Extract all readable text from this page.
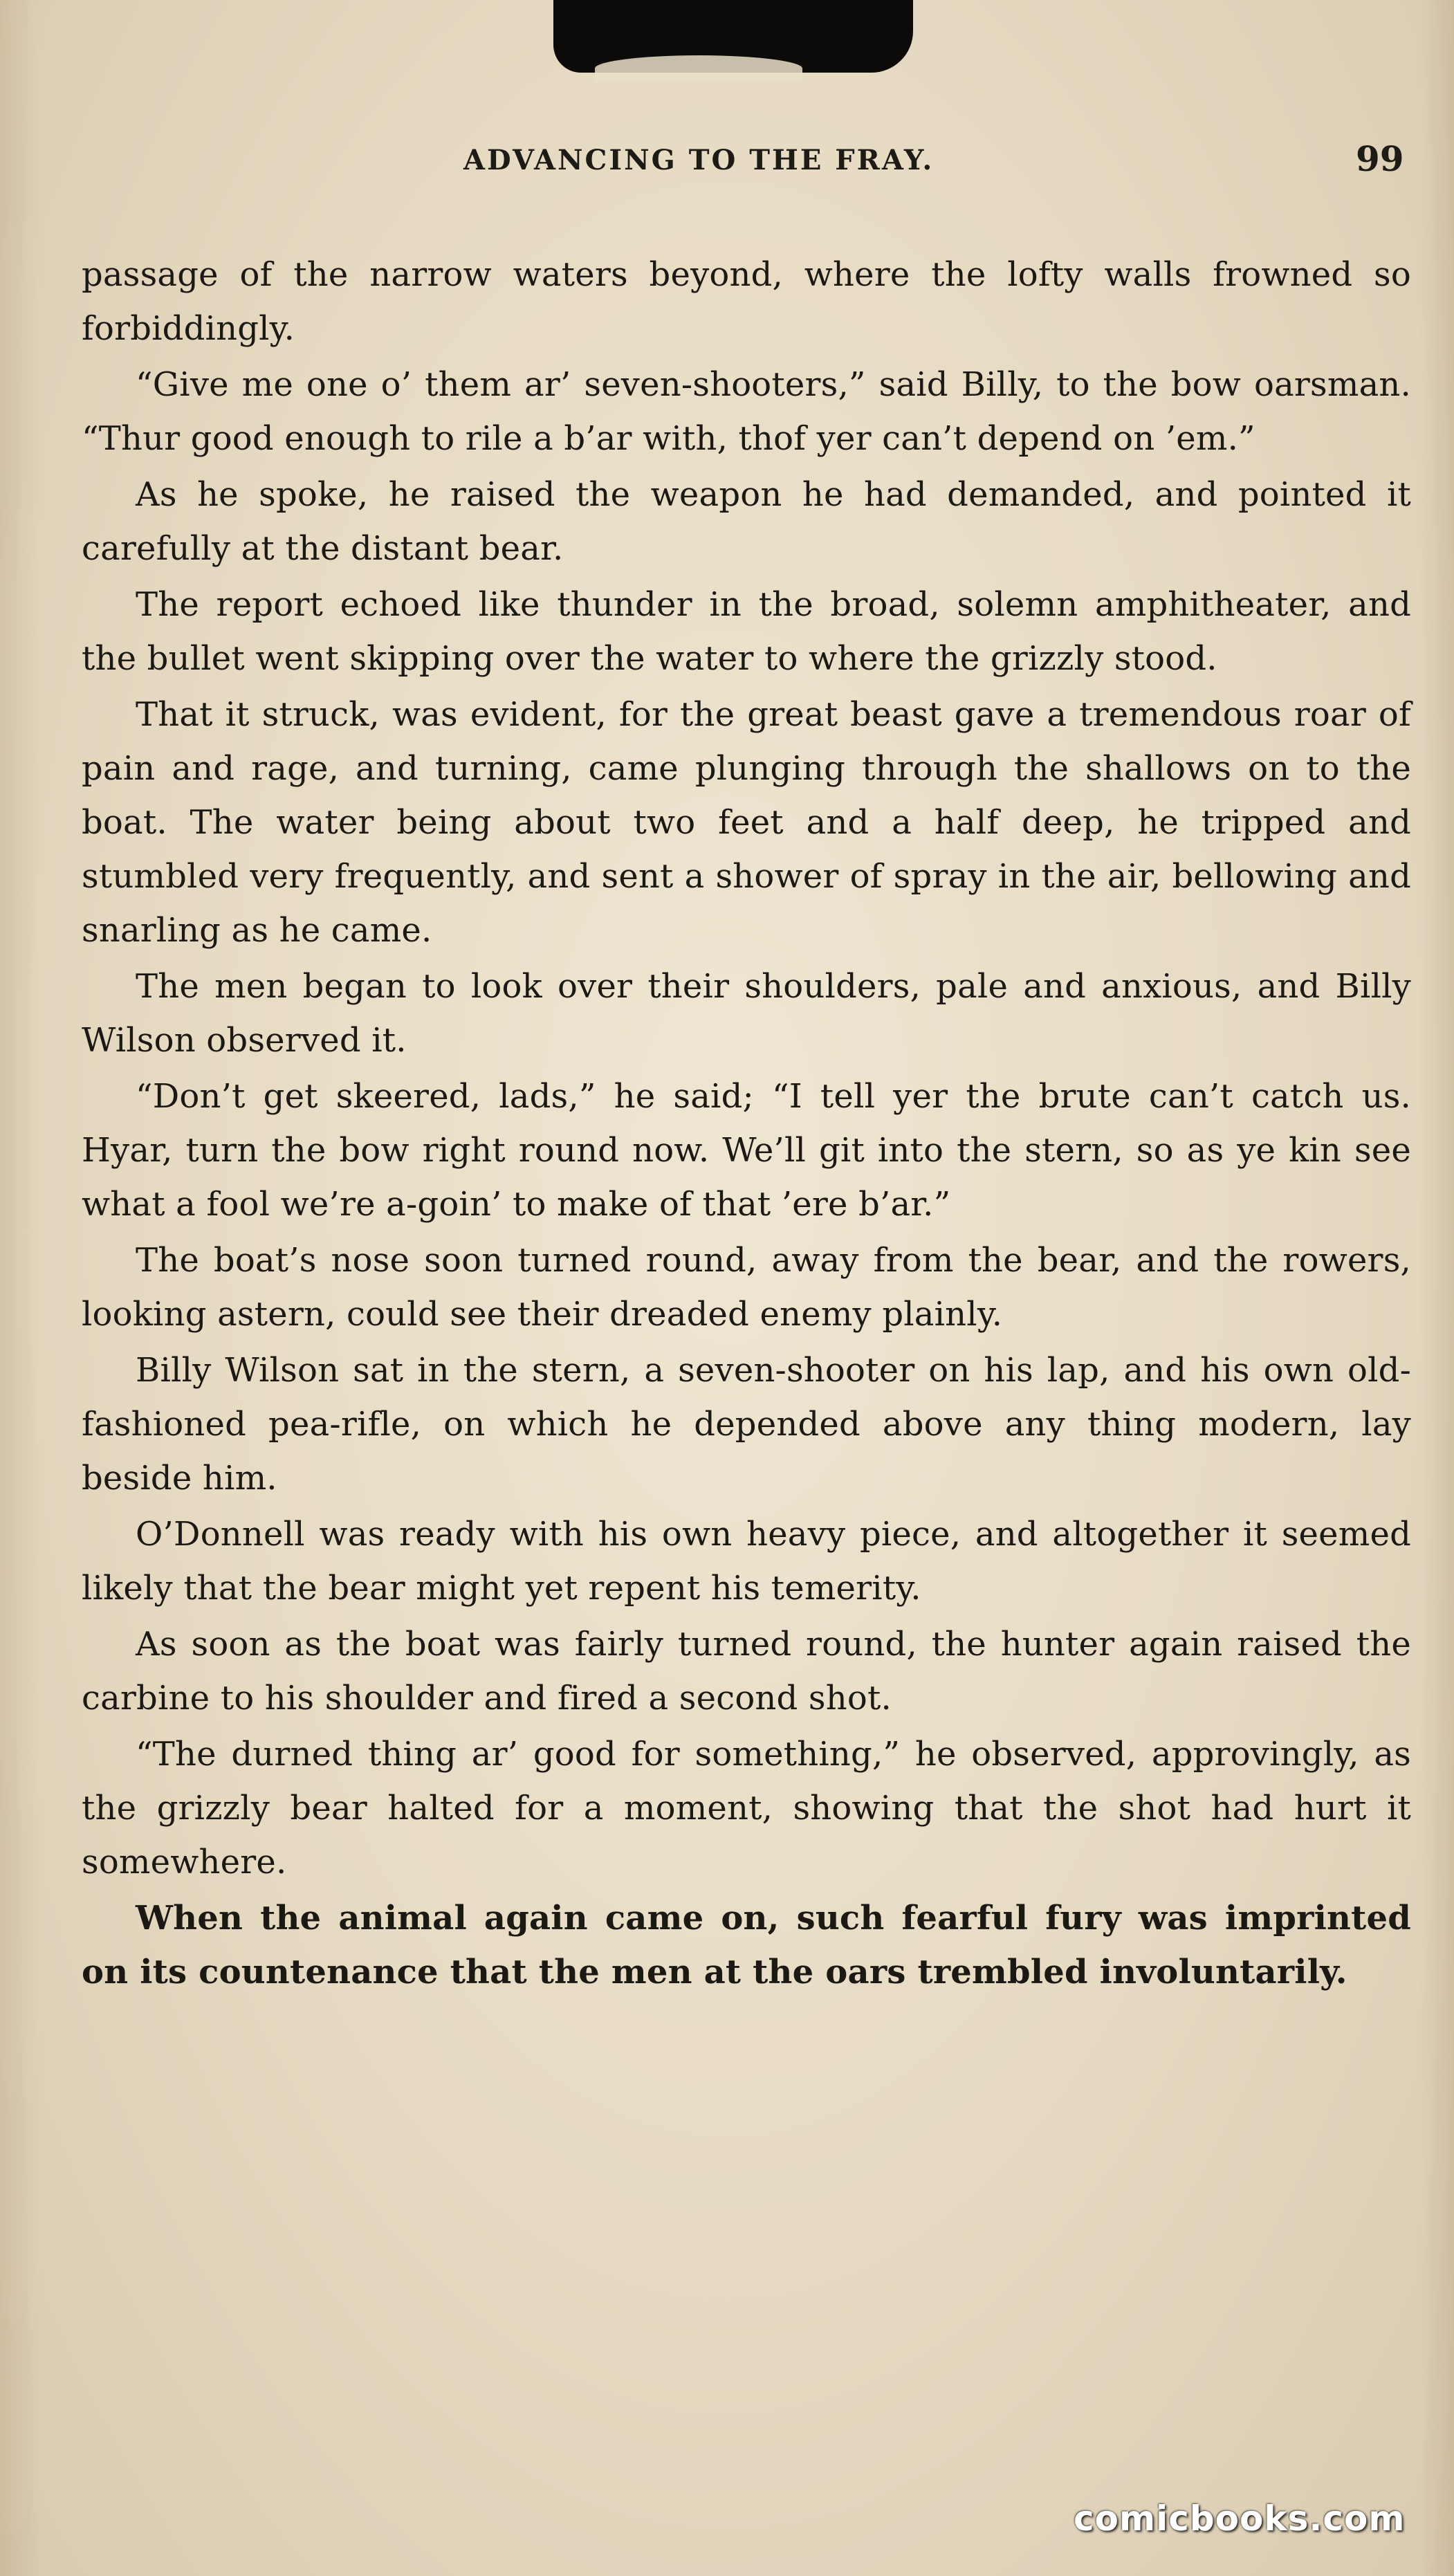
ADVANCING TO THE FRAY.	99

passage of the narrow waters beyond, where the lofty walls frowned so forbiddingly.

“Give me one o’ them ar’ seven-shooters,” said Billy, to the bow oarsman. “Thur good enough to rile a b’ar with, thof yer can’t depend on ’em.”

As he spoke, he raised the weapon he had demanded, and pointed it carefully at the distant bear.

The report echoed like thunder in the broad, solemn amphitheater, and the bullet went skipping over the water to where the grizzly stood.

That it struck, was evident, for the great beast gave a tremendous roar of pain and rage, and turning, came plunging through the shallows on to the boat. The water being about two feet and a half deep, he tripped and stumbled very frequently, and sent a shower of spray in the air, bellowing and snarling as he came.

The men began to look over their shoulders, pale and anxious, and Billy Wilson observed it.

“Don’t get skeered, lads,” he said; “I tell yer the brute can’t catch us. Hyar, turn the bow right round now. We’ll git into the stern, so as ye kin see what a fool we’re a-goin’ to make of that ’ere b’ar.”

The boat’s nose soon turned round, away from the bear, and the rowers, looking astern, could see their dreaded enemy plainly.

Billy Wilson sat in the stern, a seven-shooter on his lap, and his own old-fashioned pea-rifle, on which he depended above any thing modern, lay beside him.

O’Donnell was ready with his own heavy piece, and altogether it seemed likely that the bear might yet repent his temerity.

As soon as the boat was fairly turned round, the hunter again raised the carbine to his shoulder and fired a second shot.

“The durned thing ar’ good for something,” he observed, approvingly, as the grizzly bear halted for a moment, showing that the shot had hurt it somewhere.

When the animal again came on, such fearful fury was imprinted on its countenance that the men at the oars trembled involuntarily.

comicbooks.com
